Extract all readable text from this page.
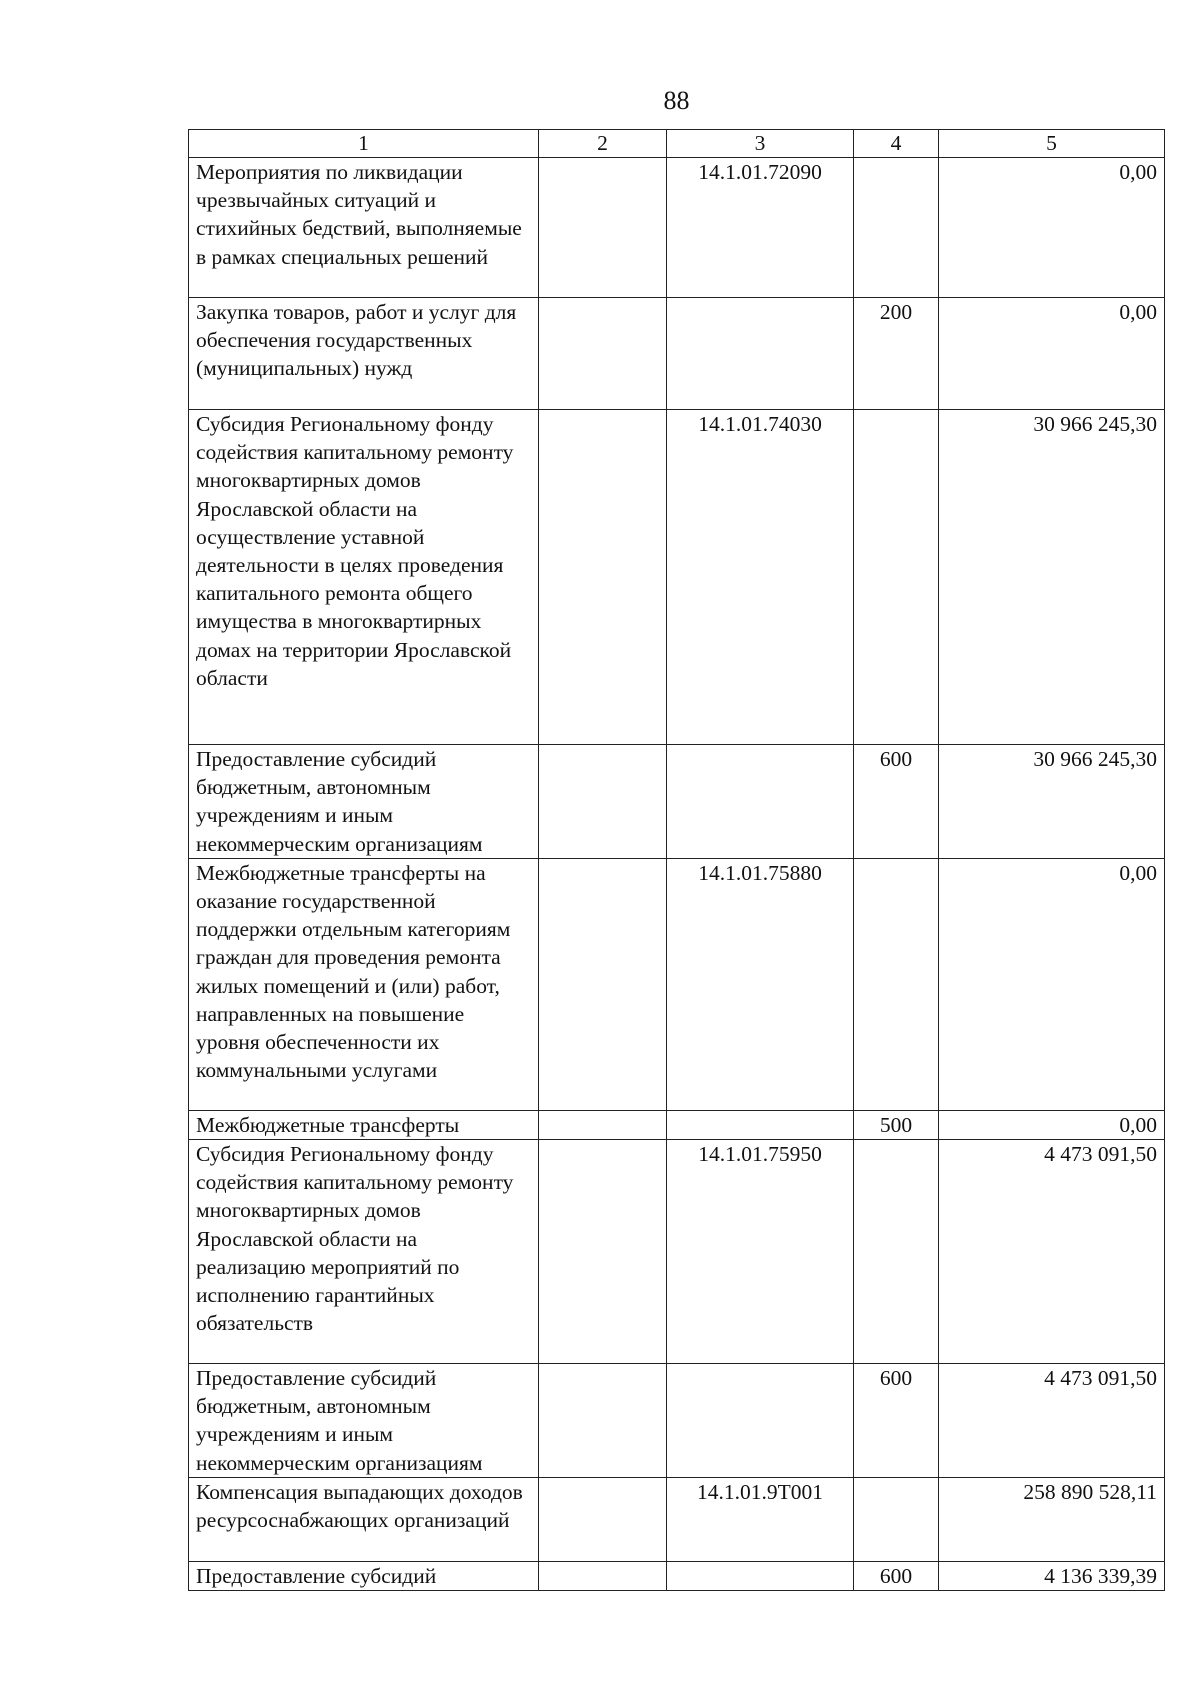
88
1	2	3	4	5
Мероприятия по ликвидации чрезвычайных ситуаций и стихийных бедствий, выполняемые в рамках специальных решений		14.1.01.72090		0,00
Закупка товаров, работ и услуг для обеспечения государственных (муниципальных) нужд			200	0,00
Субсидия Региональному фонду содействия капитальному ремонту многоквартирных домов Ярославской области на осуществление уставной деятельности в целях проведения капитального ремонта общего имущества в многоквартирных домах на территории Ярославской области		14.1.01.74030		30 966 245,30
Предоставление субсидий бюджетным, автономным учреждениям и иным некоммерческим организациям			600	30 966 245,30
Межбюджетные трансферты на оказание государственной поддержки отдельным категориям граждан для проведения ремонта жилых помещений и (или) работ, направленных на повышение уровня обеспеченности их коммунальными услугами		14.1.01.75880		0,00
Межбюджетные трансферты			500	0,00
Субсидия Региональному фонду содействия капитальному ремонту многоквартирных домов Ярославской области на реализацию мероприятий по исполнению гарантийных обязательств		14.1.01.75950		4 473 091,50
Предоставление субсидий бюджетным, автономным учреждениям и иным некоммерческим организациям			600	4 473 091,50
Компенсация выпадающих доходов ресурсоснабжающих организаций		14.1.01.9Т001		258 890 528,11
Предоставление субсидий			600	4 136 339,39
